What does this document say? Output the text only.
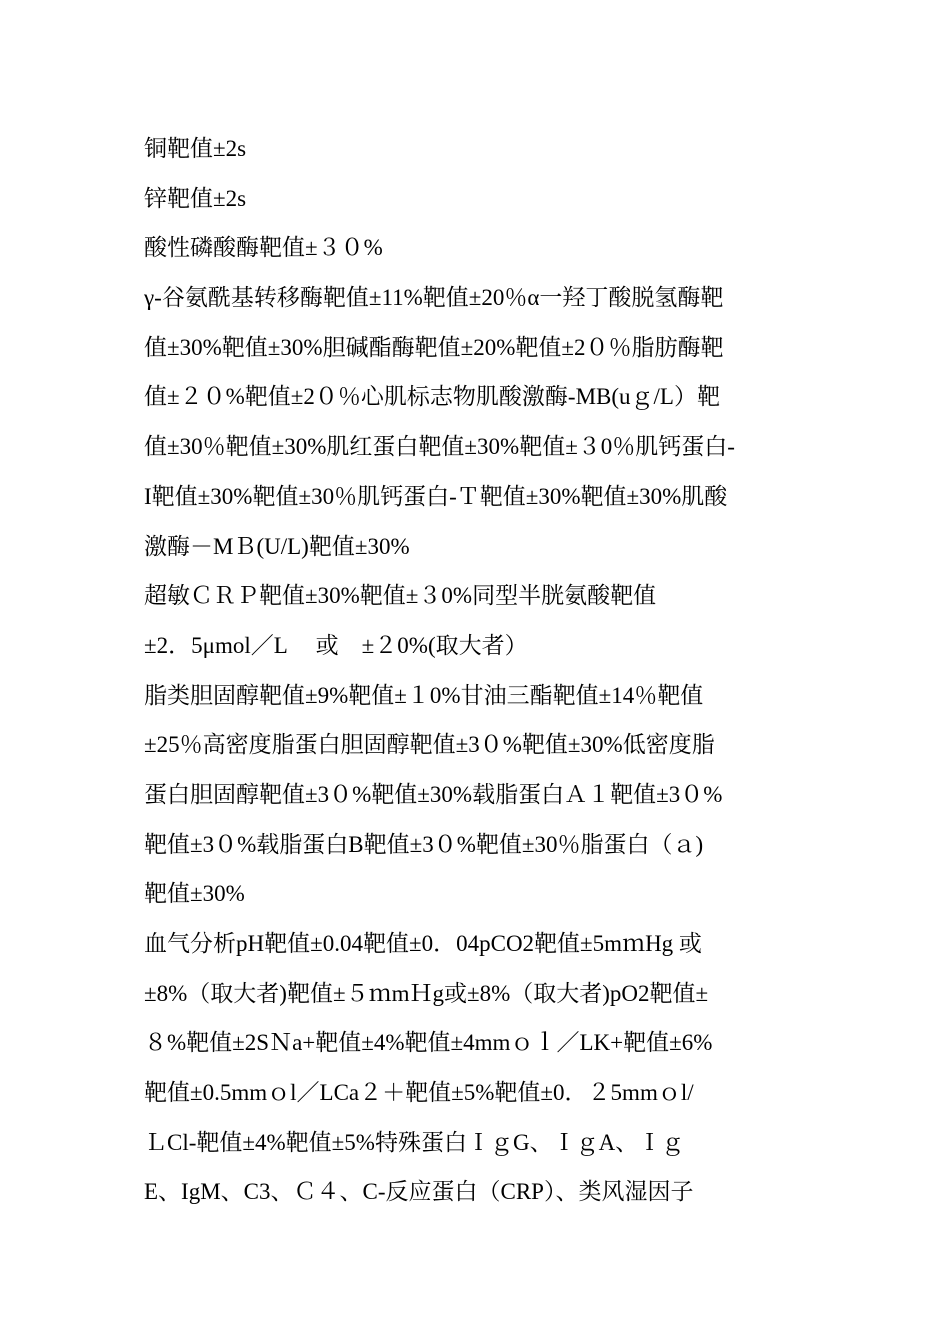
铜靶值±2s
锌靶值±2s
酸性磷酸酶靶值±３０%
γ-谷氨酰基转移酶靶值±11%靶值±20％α一羟丁酸脱氢酶靶
值±30%靶值±30%胆碱酯酶靶值±20%靶值±2０％脂肪酶靶
值±２０%靶值±2０％心肌标志物肌酸激酶-MB(uｇ/L）靶
值±30％靶值±30%肌红蛋白靶值±30%靶值±３0％肌钙蛋白-
I靶值±30%靶值±30％肌钙蛋白-Ｔ靶值±30%靶值±30%肌酸
激酶－MＢ(U/L)靶值±30%
超敏ＣＲＰ靶值±30%靶值±３0%同型半胱氨酸靶值
±2．5μmol／L　 或　±２0%(取大者）
脂类胆固醇靶值±9%靶值±１0%甘油三酯靶值±14％靶值
±25％高密度脂蛋白胆固醇靶值±3０%靶值±30%低密度脂
蛋白胆固醇靶值±3０%靶值±30%载脂蛋白Ａ１靶值±3０%
靶值±3０%载脂蛋白B靶值±3０%靶值±30％脂蛋白（ａ)
靶值±30%
血气分析pH靶值±0.04靶值±0．04pCO2靶值±5mｍHg 或
±8%（取大者)靶值±５ｍmＨg或±8%（取大者)pO2靶值±
８%靶值±2SＮa+靶值±4%靶值±4mmｏｌ／LK+靶值±6%
靶值±0.5mmｏl／LCa２＋靶值±5%靶值±0．２5mmｏl/
ＬCl-靶值±4%靶值±5%特殊蛋白ＩｇG、ＩｇA、Ｉｇ
E、IgM、C3、Ｃ４、C-反应蛋白（CRP）、类风湿因子
